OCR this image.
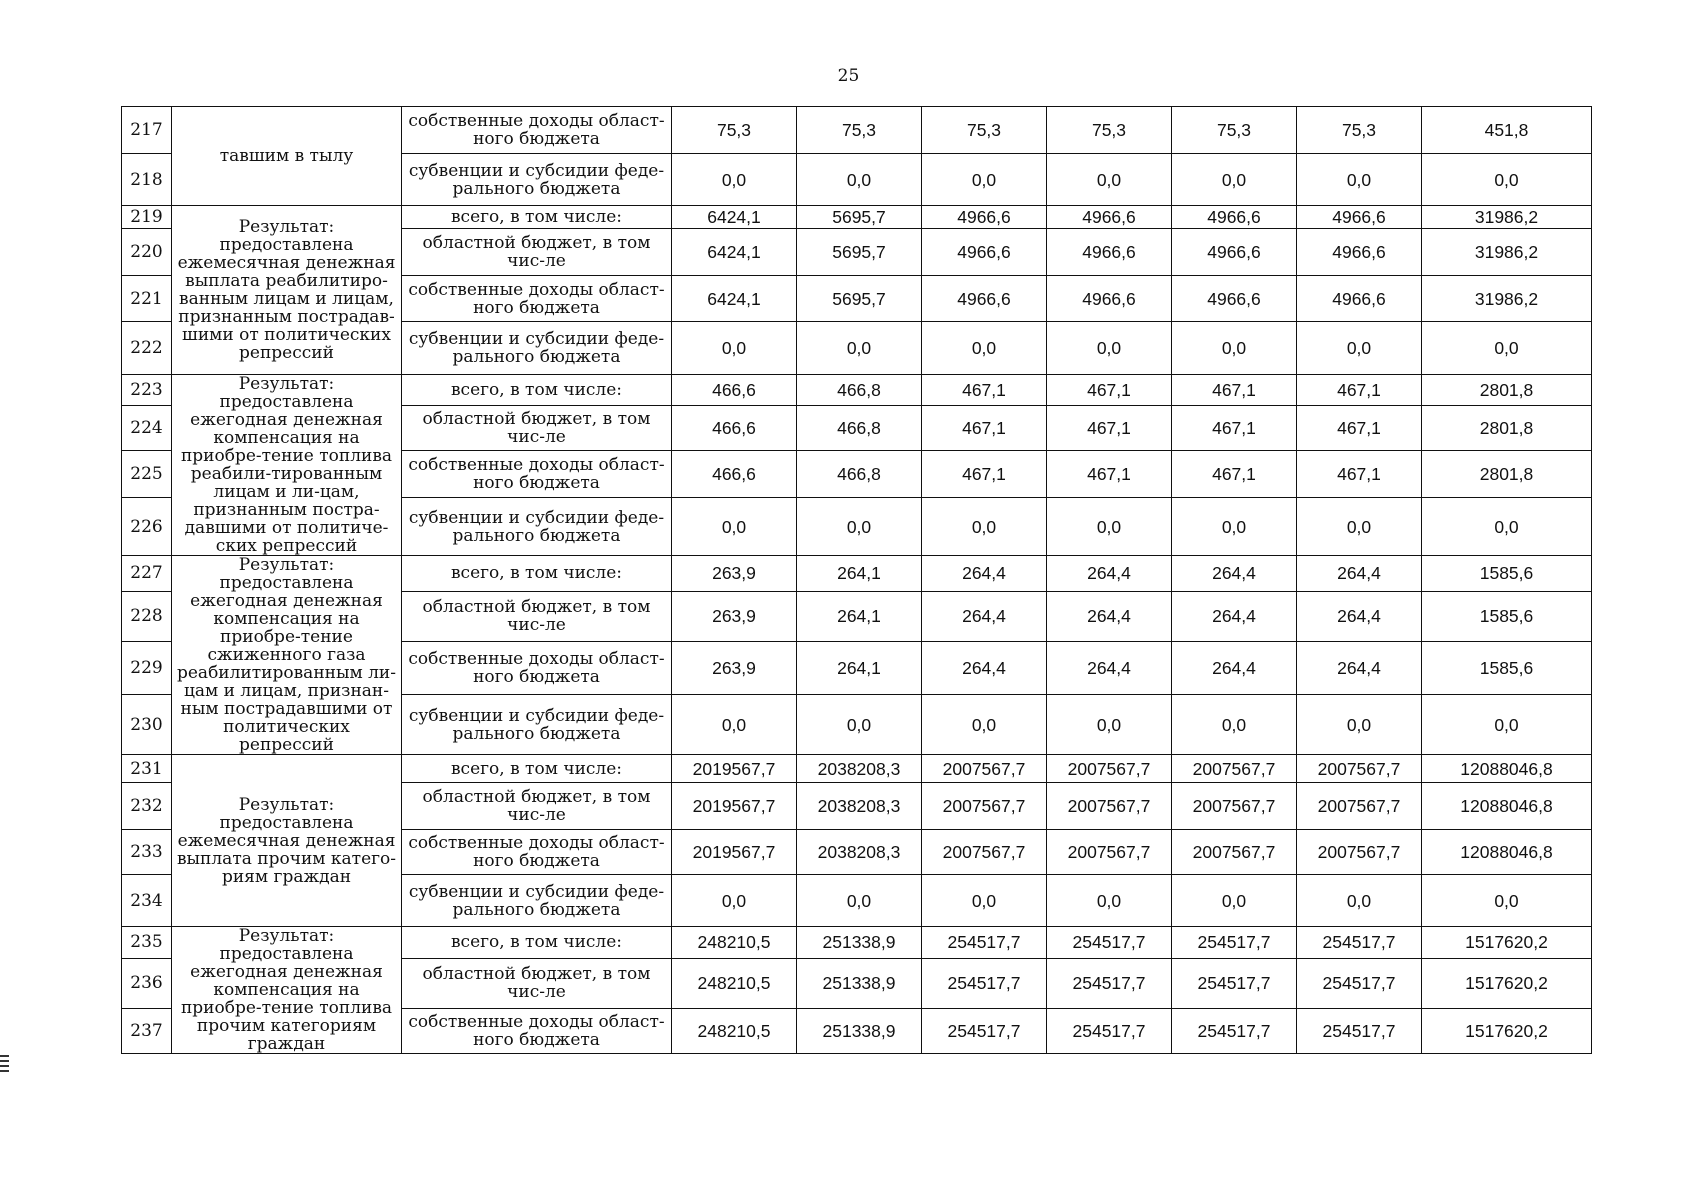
25
217	тавшим в тылу	собственные доходы област-ного бюджета	75,3	75,3	75,3	75,3	75,3	75,3	451,8
218		субвенции и субсидии феде-рального бюджета	0,0	0,0	0,0	0,0	0,0	0,0	0,0
219	Результат: предоставлена ежемесячная денежная выплата реабилитиро-ванным лицам и лицам, признанным пострадав-шими от политических репрессий	всего, в том числе:	6424,1	5695,7	4966,6	4966,6	4966,6	4966,6	31986,2
220		областной бюджет, в том чис-ле	6424,1	5695,7	4966,6	4966,6	4966,6	4966,6	31986,2
221		собственные доходы област-ного бюджета	6424,1	5695,7	4966,6	4966,6	4966,6	4966,6	31986,2
222		субвенции и субсидии феде-рального бюджета	0,0	0,0	0,0	0,0	0,0	0,0	0,0
223	Результат: предоставлена ежегодная денежная компенсация на приобре-тение топлива реабили-тированным лицам и ли-цам, признанным постра-давшими от политиче-ских репрессий	всего, в том числе:	466,6	466,8	467,1	467,1	467,1	467,1	2801,8
224		областной бюджет, в том чис-ле	466,6	466,8	467,1	467,1	467,1	467,1	2801,8
225		собственные доходы област-ного бюджета	466,6	466,8	467,1	467,1	467,1	467,1	2801,8
226		субвенции и субсидии феде-рального бюджета	0,0	0,0	0,0	0,0	0,0	0,0	0,0
227	Результат: предоставлена ежегодная денежная компенсация на приобре-тение сжиженного газа реабилитированным ли-цам и лицам, признан-ным пострадавшими от политических репрессий	всего, в том числе:	263,9	264,1	264,4	264,4	264,4	264,4	1585,6
228		областной бюджет, в том чис-ле	263,9	264,1	264,4	264,4	264,4	264,4	1585,6
229		собственные доходы област-ного бюджета	263,9	264,1	264,4	264,4	264,4	264,4	1585,6
230		субвенции и субсидии феде-рального бюджета	0,0	0,0	0,0	0,0	0,0	0,0	0,0
231	Результат: предоставлена ежемесячная денежная выплата прочим катего-риям граждан	всего, в том числе:	2019567,7	2038208,3	2007567,7	2007567,7	2007567,7	2007567,7	12088046,8
232		областной бюджет, в том чис-ле	2019567,7	2038208,3	2007567,7	2007567,7	2007567,7	2007567,7	12088046,8
233		собственные доходы област-ного бюджета	2019567,7	2038208,3	2007567,7	2007567,7	2007567,7	2007567,7	12088046,8
234		субвенции и субсидии феде-рального бюджета	0,0	0,0	0,0	0,0	0,0	0,0	0,0
235	Результат: предоставлена ежегодная денежная компенсация на приобре-тение топлива прочим категориям граждан	всего, в том числе:	248210,5	251338,9	254517,7	254517,7	254517,7	254517,7	1517620,2
236		областной бюджет, в том чис-ле	248210,5	251338,9	254517,7	254517,7	254517,7	254517,7	1517620,2
237		собственные доходы област-ного бюджета	248210,5	251338,9	254517,7	254517,7	254517,7	254517,7	1517620,2
